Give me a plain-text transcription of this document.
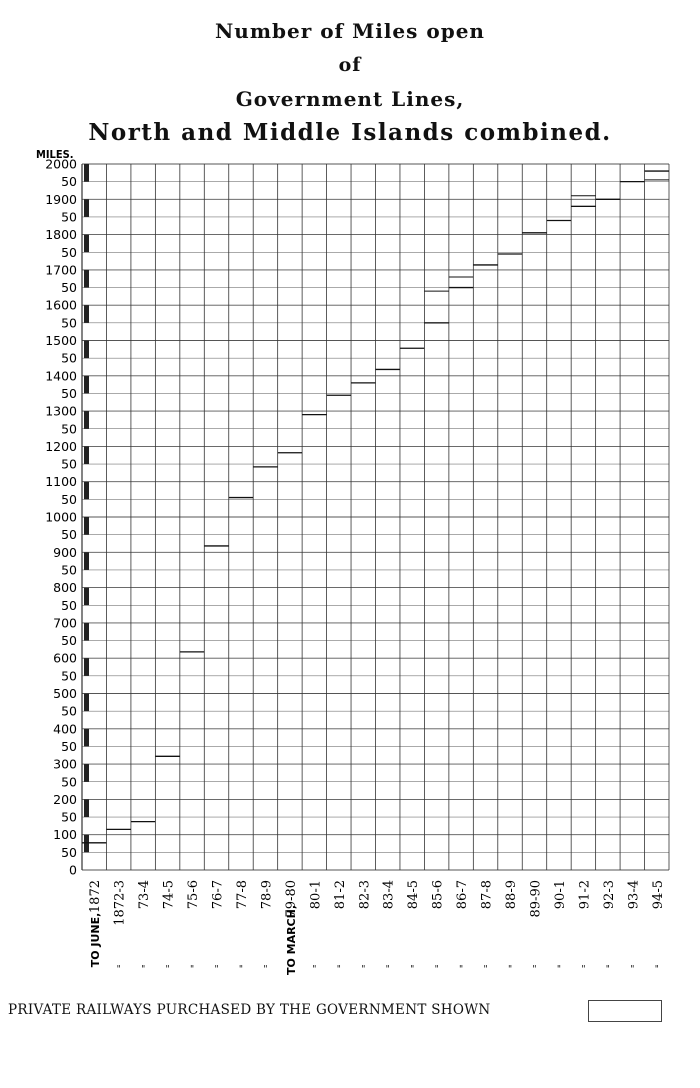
Number of Miles open

of

Government Lines,

North and Middle Islands combined.

MILES.
0
50
100
50
200
50
300
50
400
50
500
50
600
50
700
50
800
50
900
50
1000
50
1100
50
1200
50
1300
50
1400
50
1500
50
1600
50
1700
50
1800
50
1900
50
2000
1872 1872-3 73-4 74-5 75-6 76-7 77-8 78-9 79-80 80-1 81-2 82-3 83-4 84-5 85-6 86-7 87-8 88-9 89-90 90-1 91-2 92-3 93-4 94-5
TO JUNE,
" " " " " " " TO MARCH, " " " " " " " " " " " " " " "
PRIVATE RAILWAYS PURCHASED BY THE GOVERNMENT SHOWN
